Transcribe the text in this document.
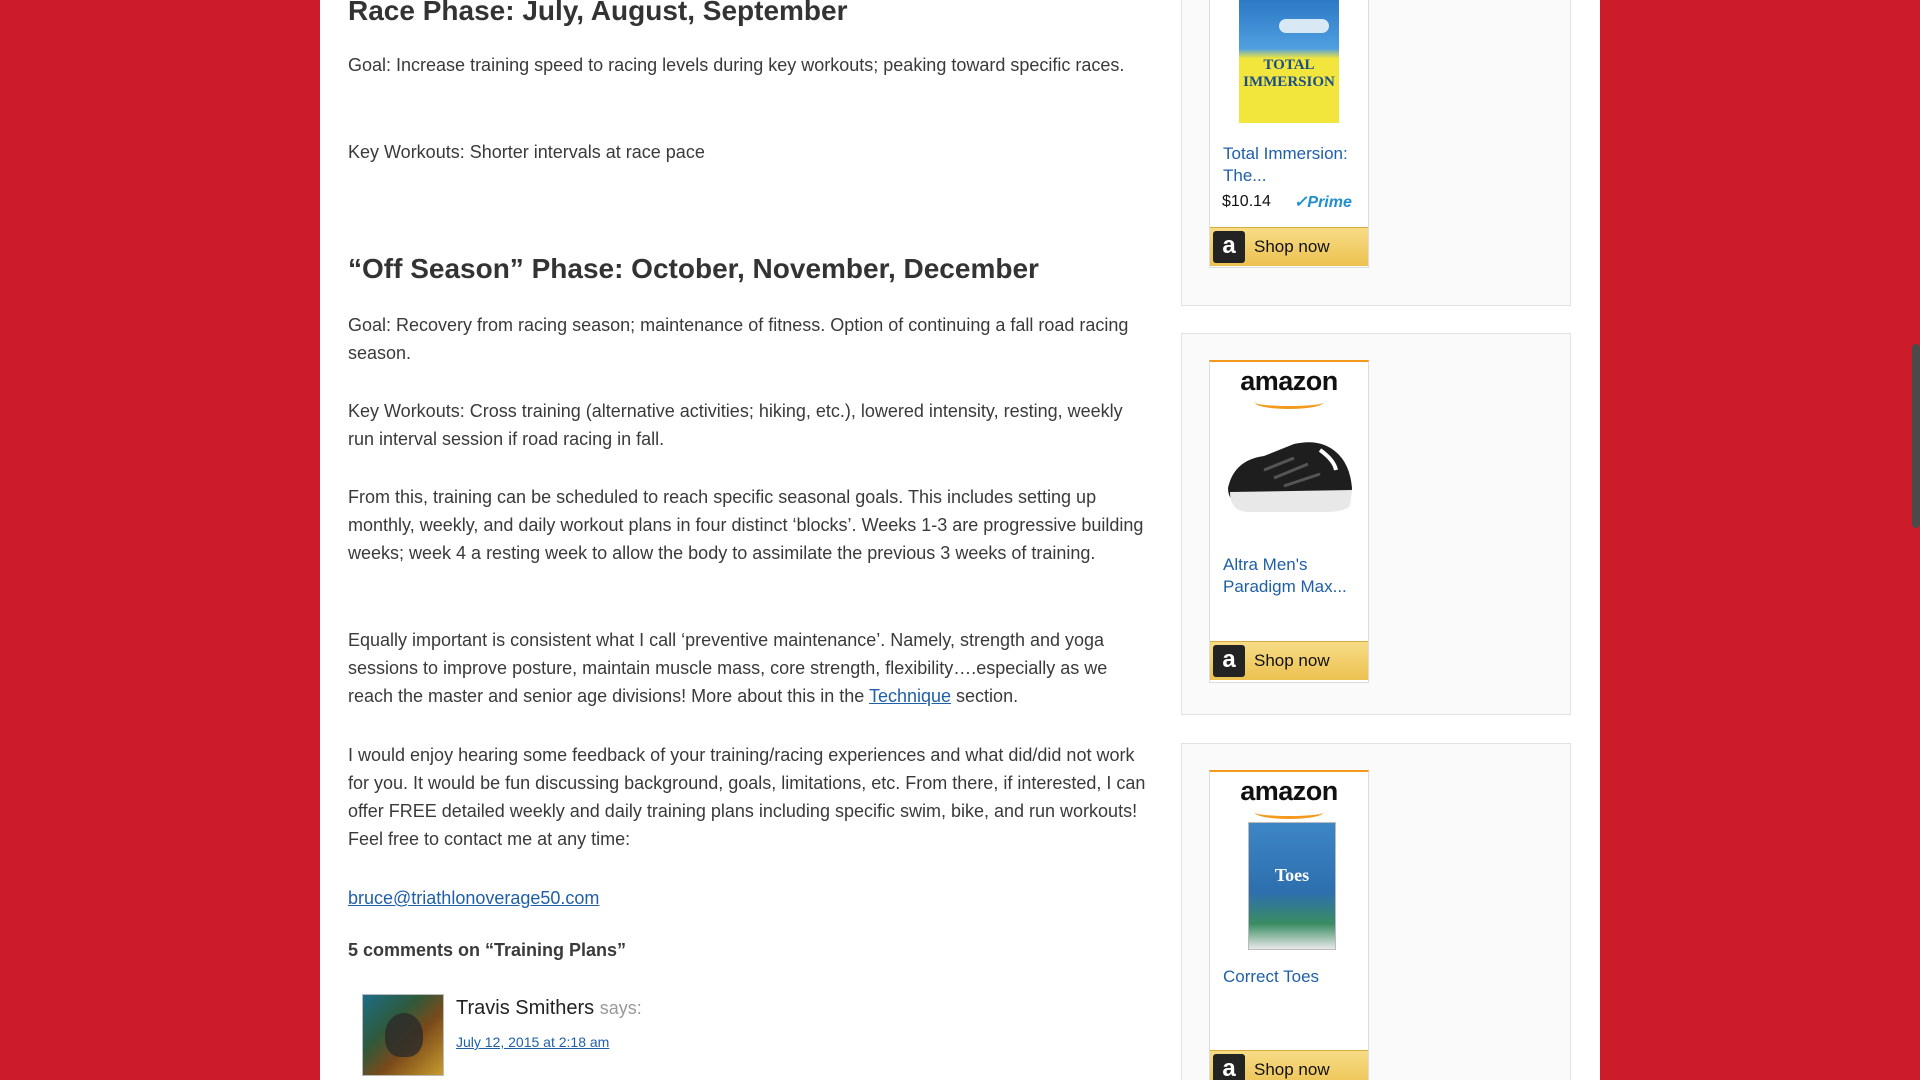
Race Phase: July, August, September

Goal: Increase training speed to racing levels during key workouts; peaking toward specific races.

Key Workouts: Shorter intervals at race pace

“Off Season” Phase: October, November, December

Goal: Recovery from racing season; maintenance of fitness. Option of continuing a fall road racing season.

Key Workouts: Cross training (alternative activities; hiking, etc.), lowered intensity, resting, weekly run interval session if road racing in fall.

From this, training can be scheduled to reach specific seasonal goals. This includes setting up monthly, weekly, and daily workout plans in four distinct ‘blocks’. Weeks 1-3 are progressive building weeks; week 4 a resting week to allow the body to assimilate the previous 3 weeks of training.

Equally important is consistent what I call ‘preventive maintenance’. Namely, strength and yoga sessions to improve posture, maintain muscle mass, core strength, flexibility….especially as we reach the master and senior age divisions! More about this in the Technique section.

I would enjoy hearing some feedback of your training/racing experiences and what did/did not work for you. It would be fun discussing background, goals, limitations, etc. From there, if interested, I can offer FREE detailed weekly and daily training plans including specific swim, bike, and run workouts! Feel free to contact me at any time:

bruce@triathlonoverage50.com

5 comments on “Training Plans”
Travis Smithers says:
July 12, 2015 at 2:18 am
TOTAL IMMERSION
Total Immersion:
The...
$10.14 ✓Prime
a	Shop now
amazon
Altra Men's
Paradigm Max...
a	Shop now
amazon
Toes
Correct Toes
a	Shop now
